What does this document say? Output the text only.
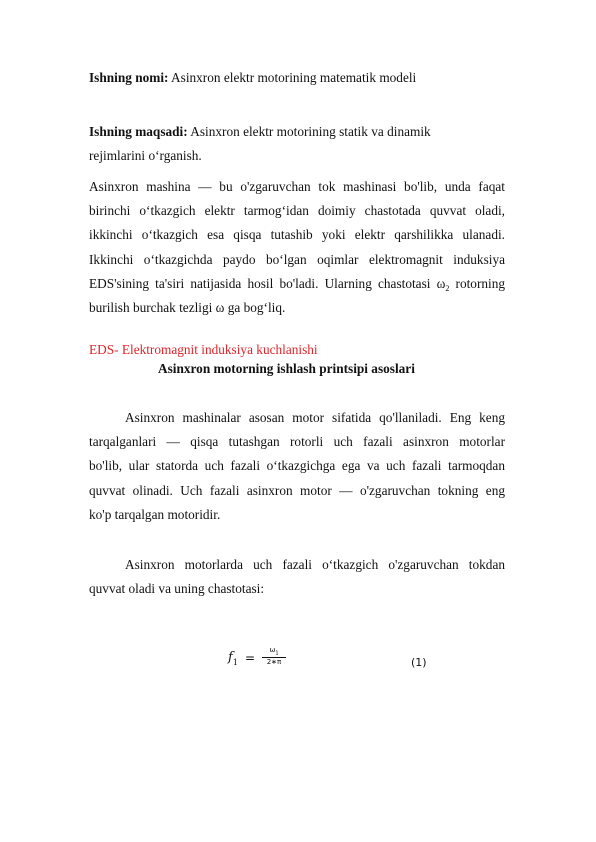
Ishning nomi: Asinxron elektr motorining matematik modeli
Ishning maqsadi: Asinxron elektr motorining statik va dinamik
rejimlarini o‘rganish.
Asinxron mashina — bu o'zgaruvchan tok mashinasi bo'lib, unda faqat
birinchi o‘tkazgich elektr tarmog‘idan doimiy chastotada quvvat oladi,
ikkinchi o‘tkazgich esa qisqa tutashib yoki elektr qarshilikka ulanadi.
Ikkinchi o‘tkazgichda paydo bo‘lgan oqimlar elektromagnit induksiya
EDS'sining ta'siri natijasida hosil bo'ladi. Ularning chastotasi $\omega_2$ rotorning
burilish burchak tezligi ω ga bog‘liq.
EDS- Elektromagnit induksiya kuchlanishi
Asinxron motorning ishlash printsipi asoslari
Asinxron mashinalar asosan motor sifatida qo'llaniladi. Eng keng
tarqalganlari — qisqa tutashgan rotorli uch fazali asinxron motorlar
bo'lib, ular statorda uch fazali o‘tkazgichga ega va uch fazali tarmoqdan
quvvat olinadi. Uch fazali asinxron motor — o'zgaruvchan tokning eng
ko'p tarqalgan motoridir.
Asinxron motorlarda uch fazali o‘tkazgich o'zgaruvchan tokdan
quvvat oladi va uning chastotasi:
$f_1$ =
$\omega_1$
2∗π	(1)
